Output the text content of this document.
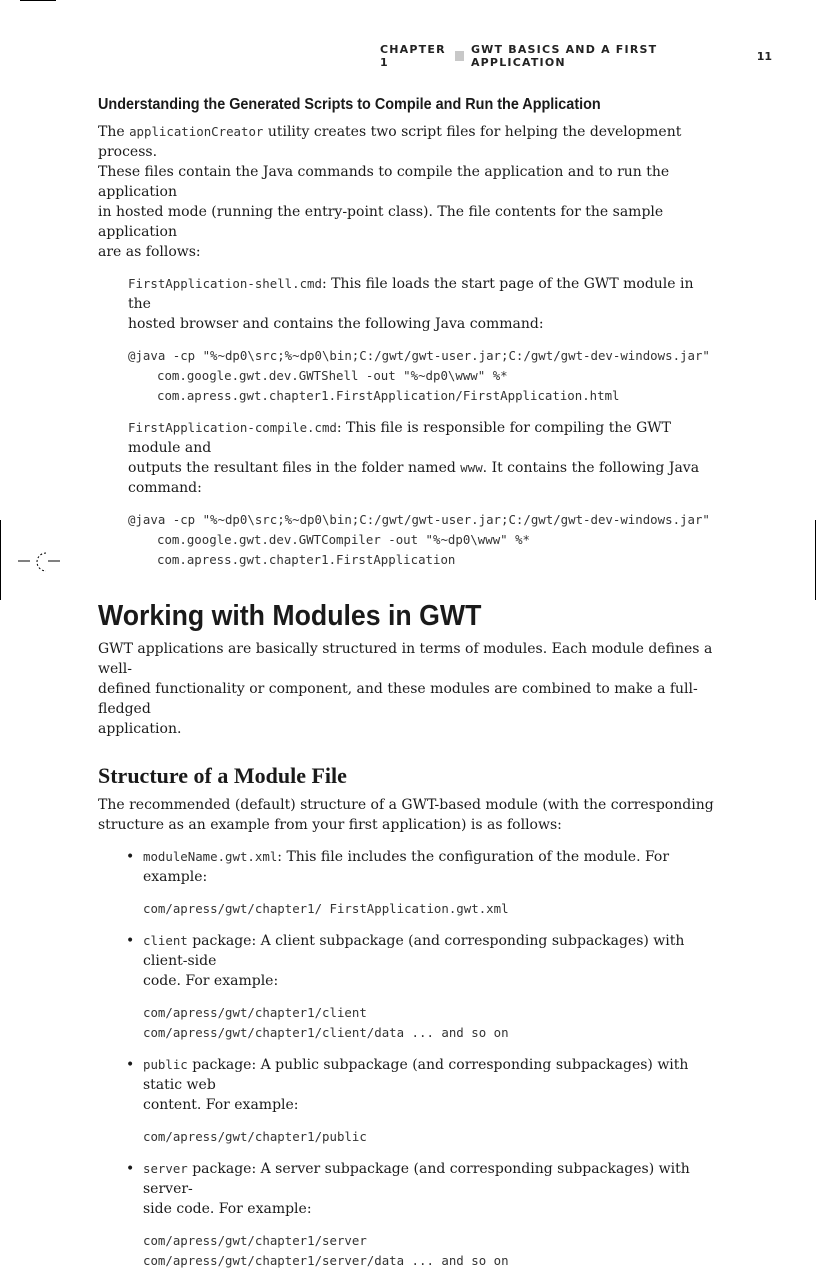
CHAPTER 1
GWT BASICS AND A FIRST APPLICATION	11
Understanding the Generated Scripts to Compile and Run the Application

The applicationCreator utility creates two script files for helping the development process.
These files contain the Java commands to compile the application and to run the application
in hosted mode (running the entry-point class). The file contents for the sample application
are as follows:

FirstApplication-shell.cmd: This file loads the start page of the GWT module in the
hosted browser and contains the following Java command:

@java -cp "%~dp0\src;%~dp0\bin;C:/gwt/gwt-user.jar;C:/gwt/gwt-dev-windows.jar"
com.google.gwt.dev.GWTShell -out "%~dp0\www" %*
com.apress.gwt.chapter1.FirstApplication/FirstApplication.html

FirstApplication-compile.cmd: This file is responsible for compiling the GWT module and
outputs the resultant files in the folder named www. It contains the following Java command:

@java -cp "%~dp0\src;%~dp0\bin;C:/gwt/gwt-user.jar;C:/gwt/gwt-dev-windows.jar"
com.google.gwt.dev.GWTCompiler -out "%~dp0\www" %*
com.apress.gwt.chapter1.FirstApplication
Working with Modules in GWT

GWT applications are basically structured in terms of modules. Each module defines a well-
defined functionality or component, and these modules are combined to make a full-fledged
application.

Structure of a Module File

The recommended (default) structure of a GWT-based module (with the corresponding
structure as an example from your first application) is as follows:

• moduleName.gwt.xml: This file includes the configuration of the module. For example:

com/apress/gwt/chapter1/ FirstApplication.gwt.xml

• client package: A client subpackage (and corresponding subpackages) with client-side
code. For example:

com/apress/gwt/chapter1/client
com/apress/gwt/chapter1/client/data ... and so on

• public package: A public subpackage (and corresponding subpackages) with static web
content. For example:

com/apress/gwt/chapter1/public

• server package: A server subpackage (and corresponding subpackages) with server-
side code. For example:

com/apress/gwt/chapter1/server
com/apress/gwt/chapter1/server/data ... and so on
